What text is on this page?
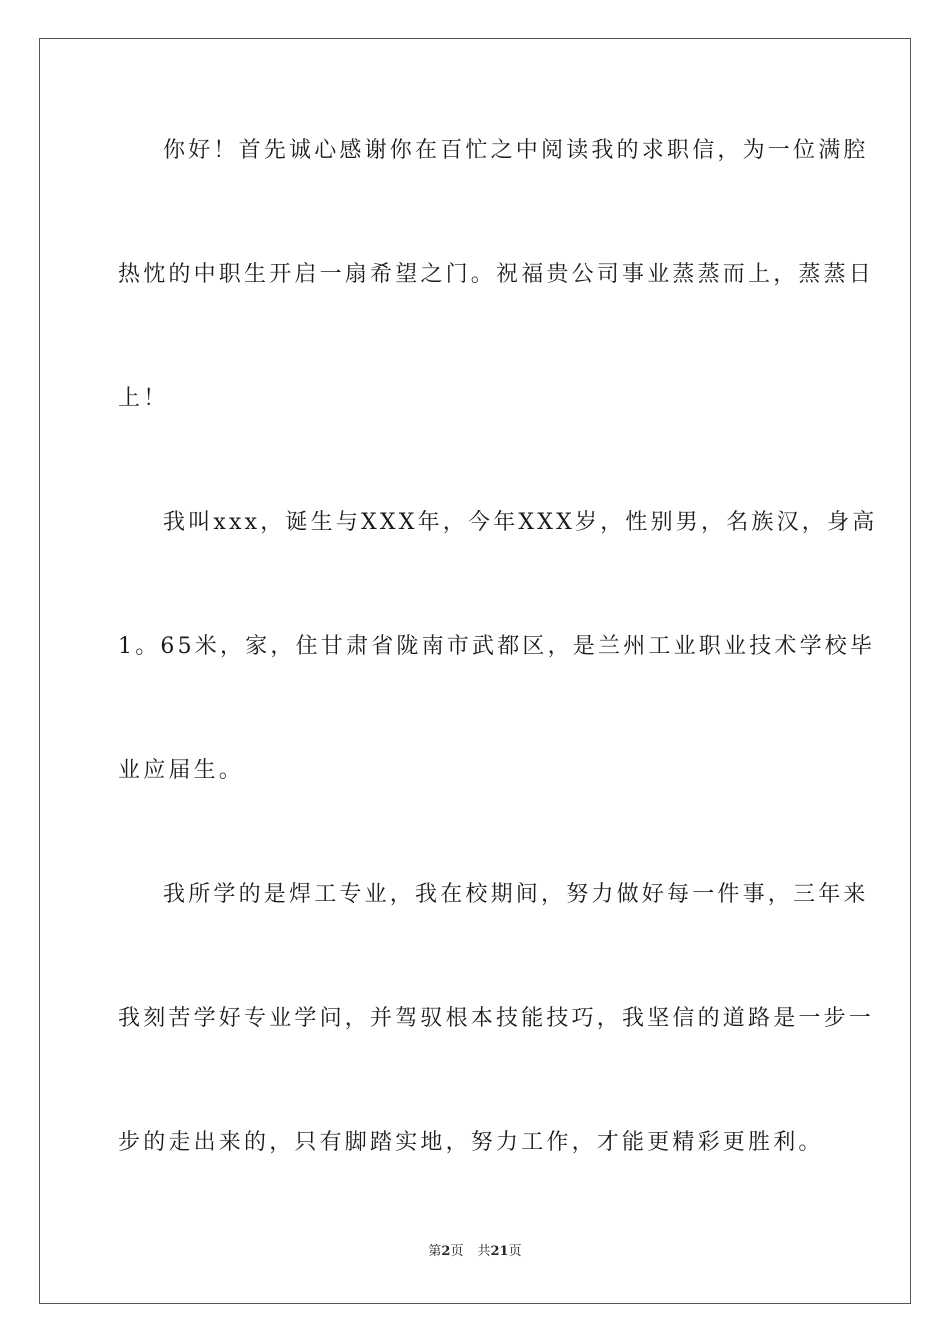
你好！首先诚心感谢你在百忙之中阅读我的求职信，为一位满腔
热忱的中职生开启一扇希望之门。祝福贵公司事业蒸蒸而上，蒸蒸日
上！
我叫xxx，诞生与XXX年，今年XXX岁，性别男，名族汉，身高
1。65米，家，住甘肃省陇南市武都区，是兰州工业职业技术学校毕
业应届生。
我所学的是焊工专业，我在校期间，努力做好每一件事，三年来
我刻苦学好专业学问，并驾驭根本技能技巧，我坚信的道路是一步一
步的走出来的，只有脚踏实地，努力工作，才能更精彩更胜利。
第2页 共21页
